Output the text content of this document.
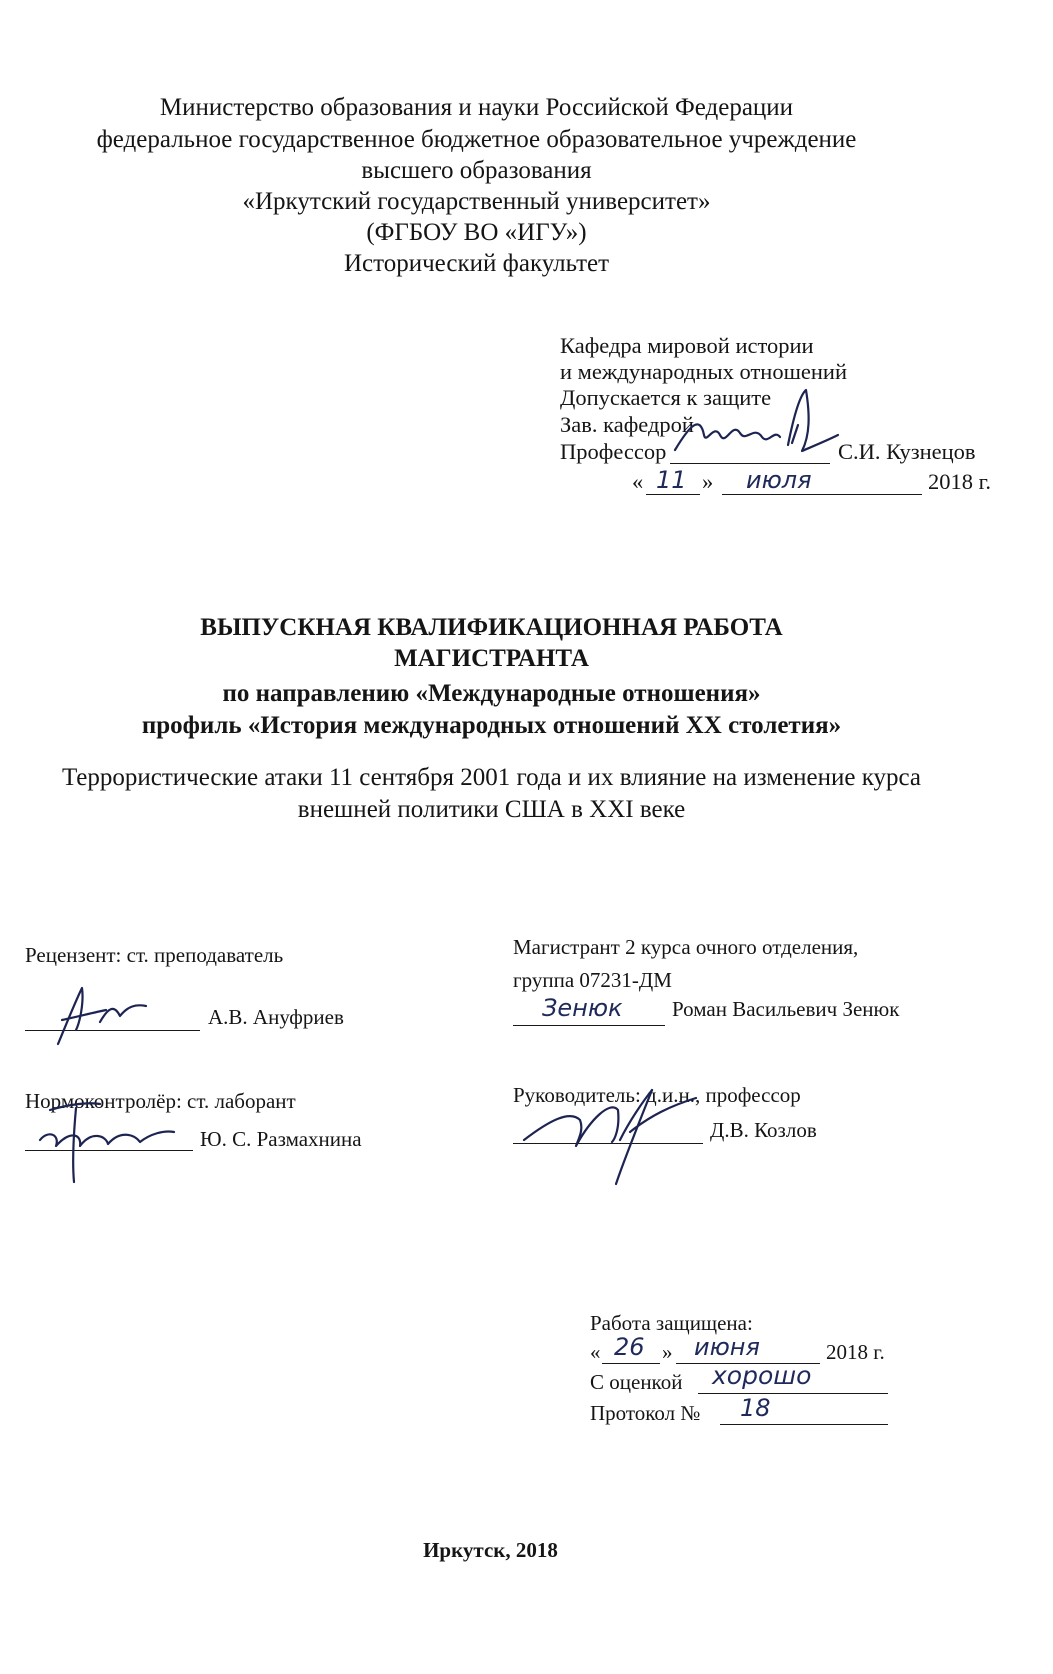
Министерство образования и науки Российской Федерации
федеральное государственное бюджетное образовательное учреждение
высшего образования
«Иркутский государственный университет»
(ФГБОУ ВО «ИГУ»)
Исторический факультет
Кафедра мировой истории
и международных отношений
Допускается к защите
Зав. кафедрой
Профессор	С.И. Кузнецов
« 11 » июля	2018 г.
ВЫПУСКНАЯ КВАЛИФИКАЦИОННАЯ РАБОТА
МАГИСТРАНТА
по направлению «Международные отношения»
профиль «История международных отношений XX столетия»
Террористические атаки 11 сентября 2001 года и их влияние на изменение курса
внешней политики США в XXI веке
Рецензент: ст. преподаватель
А.В. Ануфриев
Магистрант 2 курса очного отделения,
группа 07231-ДМ
Зенюк Роман Васильевич Зенюк
Нормоконтролёр: ст. лаборант
Ю. С. Размахнина
Руководитель: д.и.н., профессор
Д.В. Козлов
Работа защищена:
« 26 » июня	2018 г.
С оценкой хорошо
Протокол № 18
Иркутск, 2018
